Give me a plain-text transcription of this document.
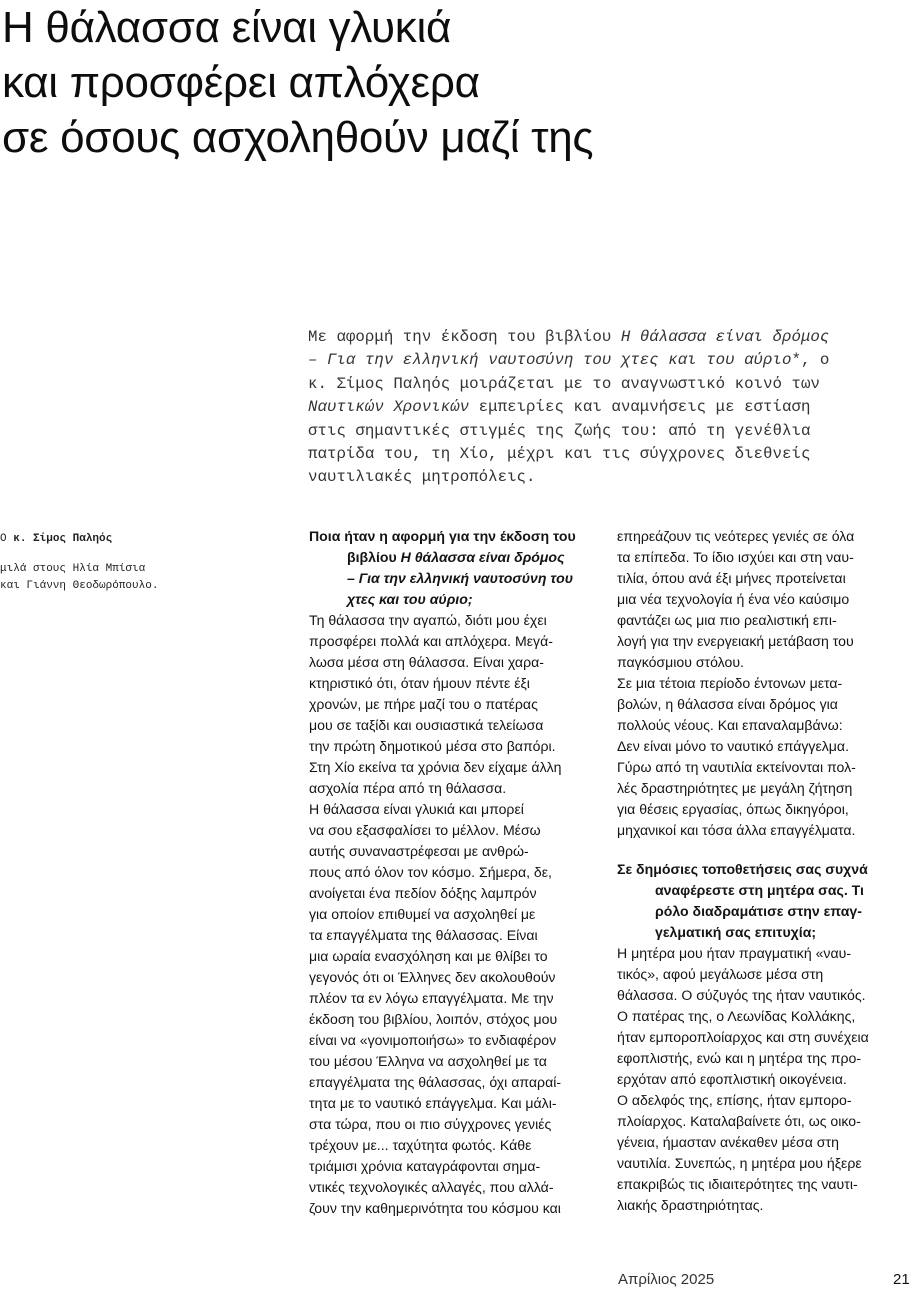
Η θάλασσα είναι γλυκιά
και προσφέρει απλόχερα
σε όσους ασχοληθούν μαζί της
Με αφορμή την έκδοση του βιβλίου Η θάλασσα είναι δρόμος
– Για την ελληνική ναυτοσύνη του χτες και του αύριο*, ο
κ. Σίμος Παληός μοιράζεται με το αναγνωστικό κοινό των
Ναυτικών Χρονικών εμπειρίες και αναμνήσεις με εστίαση
στις σημαντικές στιγμές της ζωής του: από τη γενέθλια
πατρίδα του, τη Χίο, μέχρι και τις σύγχρονες διεθνείς
ναυτιλιακές μητροπόλεις.
Ο κ. Σίμος Παληός
μιλά στους Ηλία Μπίσια
και Γιάννη Θεοδωρόπουλο.
Ποια ήταν η αφορμή για την έκδοση του
βιβλίου Η θάλασσα είναι δρόμος
– Για την ελληνική ναυτοσύνη του
χτες και του αύριο;
Τη θάλασσα την αγαπώ, διότι μου έχει
προσφέρει πολλά και απλόχερα. Μεγά-
λωσα μέσα στη θάλασσα. Είναι χαρα-
κτηριστικό ότι, όταν ήμουν πέντε έξι
χρονών, με πήρε μαζί του ο πατέρας
μου σε ταξίδι και ουσιαστικά τελείωσα
την πρώτη δημοτικού μέσα στο βαπόρι.
Στη Χίο εκείνα τα χρόνια δεν είχαμε άλλη
ασχολία πέρα από τη θάλασσα.
Η θάλασσα είναι γλυκιά και μπορεί
να σου εξασφαλίσει το μέλλον. Μέσω
αυτής συναναστρέφεσαι με ανθρώ-
πους από όλον τον κόσμο. Σήμερα, δε,
ανοίγεται ένα πεδίον δόξης λαμπρόν
για οποίον επιθυμεί να ασχοληθεί με
τα επαγγέλματα της θάλασσας. Είναι
μια ωραία ενασχόληση και με θλίβει το
γεγονός ότι οι Έλληνες δεν ακολουθούν
πλέον τα εν λόγω επαγγέλματα. Με την
έκδοση του βιβλίου, λοιπόν, στόχος μου
είναι να «γονιμοποιήσω» το ενδιαφέρον
του μέσου Έλληνα να ασχοληθεί με τα
επαγγέλματα της θάλασσας, όχι απαραί-
τητα με το ναυτικό επάγγελμα. Και μάλι-
στα τώρα, που οι πιο σύγχρονες γενιές
τρέχουν με... ταχύτητα φωτός. Κάθε
τριάμισι χρόνια καταγράφονται σημα-
ντικές τεχνολογικές αλλαγές, που αλλά-
ζουν την καθημερινότητα του κόσμου και
επηρεάζουν τις νεότερες γενιές σε όλα
τα επίπεδα. Το ίδιο ισχύει και στη ναυ-
τιλία, όπου ανά έξι μήνες προτείνεται
μια νέα τεχνολογία ή ένα νέο καύσιμο
φαντάζει ως μια πιο ρεαλιστική επι-
λογή για την ενεργειακή μετάβαση του
παγκόσμιου στόλου.
Σε μια τέτοια περίοδο έντονων μετα-
βολών, η θάλασσα είναι δρόμος για
πολλούς νέους. Και επαναλαμβάνω:
Δεν είναι μόνο το ναυτικό επάγγελμα.
Γύρω από τη ναυτιλία εκτείνονται πολ-
λές δραστηριότητες με μεγάλη ζήτηση
για θέσεις εργασίας, όπως δικηγόροι,
μηχανικοί και τόσα άλλα επαγγέλματα.
Σε δημόσιες τοποθετήσεις σας συχνά
αναφέρεστε στη μητέρα σας. Τι
ρόλο διαδραμάτισε στην επαγ-
γελματική σας επιτυχία;
Η μητέρα μου ήταν πραγματική «ναυ-
τικός», αφού μεγάλωσε μέσα στη
θάλασσα. Ο σύζυγός της ήταν ναυτικός.
Ο πατέρας της, ο Λεωνίδας Κολλάκης,
ήταν εμποροπλοίαρχος και στη συνέχεια
εφοπλιστής, ενώ και η μητέρα της προ-
ερχόταν από εφοπλιστική οικογένεια.
Ο αδελφός της, επίσης, ήταν εμπορο-
πλοίαρχος. Καταλαβαίνετε ότι, ως οικο-
γένεια, ήμασταν ανέκαθεν μέσα στη
ναυτιλία. Συνεπώς, η μητέρα μου ήξερε
επακριβώς τις ιδιαιτερότητες της ναυτι-
λιακής δραστηριότητας.
Απρίλιος 2025	21
